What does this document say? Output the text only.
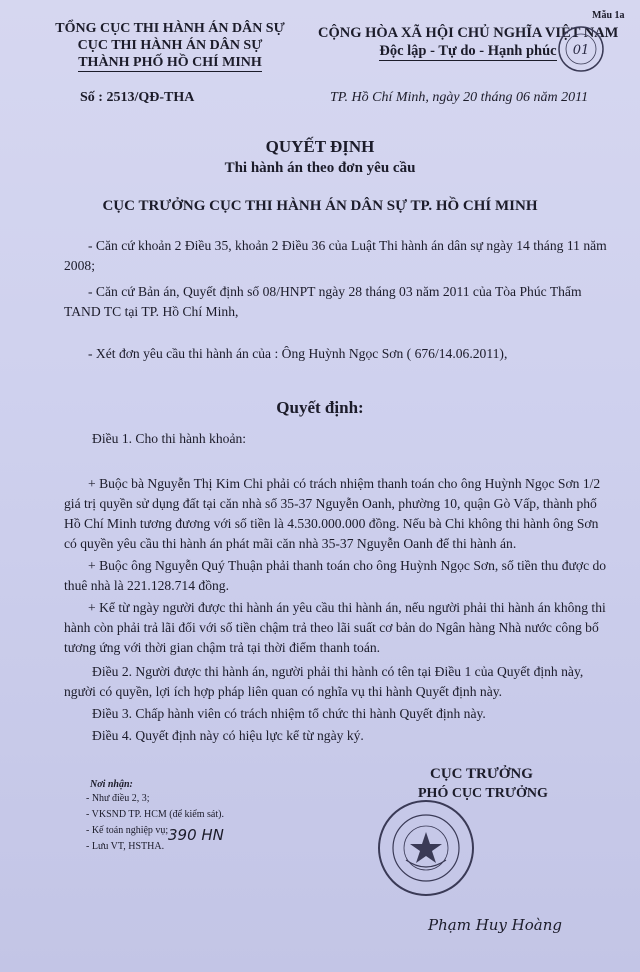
TỔNG CỤC THI HÀNH ÁN DÂN SỰ
CỤC THI HÀNH ÁN DÂN SỰ
THÀNH PHỐ HỒ CHÍ MINH
Số : 2513/QĐ-THA
CỘNG HÒA XÃ HỘI CHỦ NGHĨA VIỆT NAM
Độc lập - Tự do - Hạnh phúc
Mẫu 1a
01
TP. Hồ Chí Minh, ngày 20 tháng 06 năm 2011
QUYẾT ĐỊNH
Thi hành án theo đơn yêu cầu
CỤC TRƯỞNG CỤC THI HÀNH ÁN DÂN SỰ TP. HỒ CHÍ MINH
- Căn cứ khoản 2 Điều 35, khoản 2 Điều 36 của Luật Thi hành án dân sự ngày 14 tháng 11 năm 2008;
- Căn cứ Bản án, Quyết định số 08/HNPT ngày 28 tháng 03 năm 2011 của Tòa Phúc Thẩm TAND TC tại TP. Hồ Chí Minh,
- Xét đơn yêu cầu thi hành án của : Ông Huỳnh Ngọc Sơn ( 676/14.06.2011),
Quyết định:
Điều 1. Cho thi hành khoản:
+ Buộc bà Nguyễn Thị Kim Chi phải có trách nhiệm thanh toán cho ông Huỳnh Ngọc Sơn 1/2 giá trị quyền sử dụng đất tại căn nhà số 35-37 Nguyễn Oanh, phường 10, quận Gò Vấp, thành phố Hồ Chí Minh tương đương với số tiền là 4.530.000.000 đồng. Nếu bà Chi không thi hành ông Sơn có quyền yêu cầu thi hành án phát mãi căn nhà 35-37 Nguyễn Oanh để thi hành án.
+ Buộc ông Nguyễn Quý Thuận phải thanh toán cho ông Huỳnh Ngọc Sơn, số tiền thu được do thuê nhà là 221.128.714 đồng.
+ Kể từ ngày người được thi hành án yêu cầu thi hành án, nếu người phải thi hành án không thi hành còn phải trả lãi đối với số tiền chậm trả theo lãi suất cơ bản do Ngân hàng Nhà nước công bố tương ứng với thời gian chậm trả tại thời điểm thanh toán.
Điều 2. Người được thi hành án, người phải thi hành có tên tại Điều 1 của Quyết định này, người có quyền, lợi ích hợp pháp liên quan có nghĩa vụ thi hành Quyết định này.
Điều 3. Chấp hành viên có trách nhiệm tổ chức thi hành Quyết định này.
Điều 4. Quyết định này có hiệu lực kể từ ngày ký.
Nơi nhận:
- Như điều 2, 3;
- VKSND TP. HCM (để kiểm sát).
- Kế toán nghiệp vụ;
- Lưu VT, HSTHA.
390 HN
CỤC TRƯỞNG
PHÓ CỤC TRƯỞNG
Phạm Huy Hoàng
